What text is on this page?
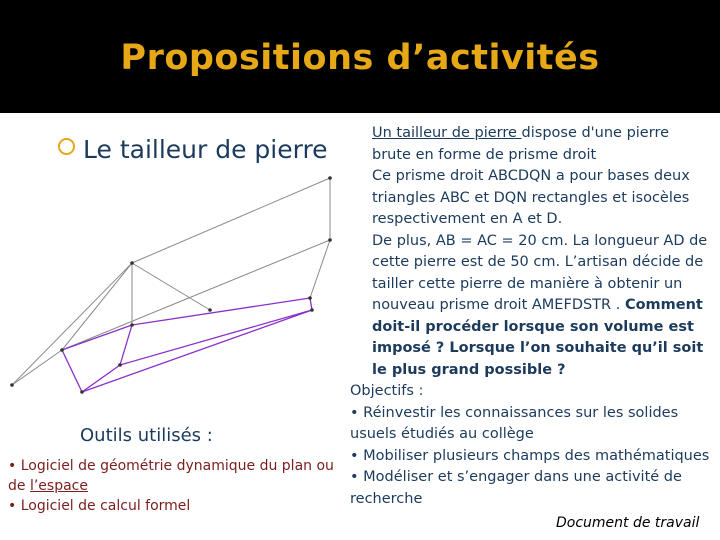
Propositions d’activités
Le tailleur de pierre
Outils utilisés :
• Logiciel de géométrie dynamique du plan ou de l’espace
• Logiciel de calcul formel
Un tailleur de pierre dispose d'une pierre brute en forme de prisme droit
Ce prisme droit ABCDQN a pour bases deux triangles ABC et DQN rectangles et isocèles respectivement en A et D.
De plus, AB = AC = 20 cm. La longueur AD de cette pierre est de 50 cm. L’artisan décide de tailler cette pierre de manière à obtenir un nouveau prisme droit AMEFDSTR . Comment doit-il procéder lorsque son volume est imposé ? Lorsque l’on souhaite qu’il soit le plus grand possible ?
Objectifs :
• Réinvestir les connaissances sur les solides usuels étudiés au collège
• Mobiliser plusieurs champs des mathématiques
• Modéliser et s’engager dans une activité de recherche
Document de travail
